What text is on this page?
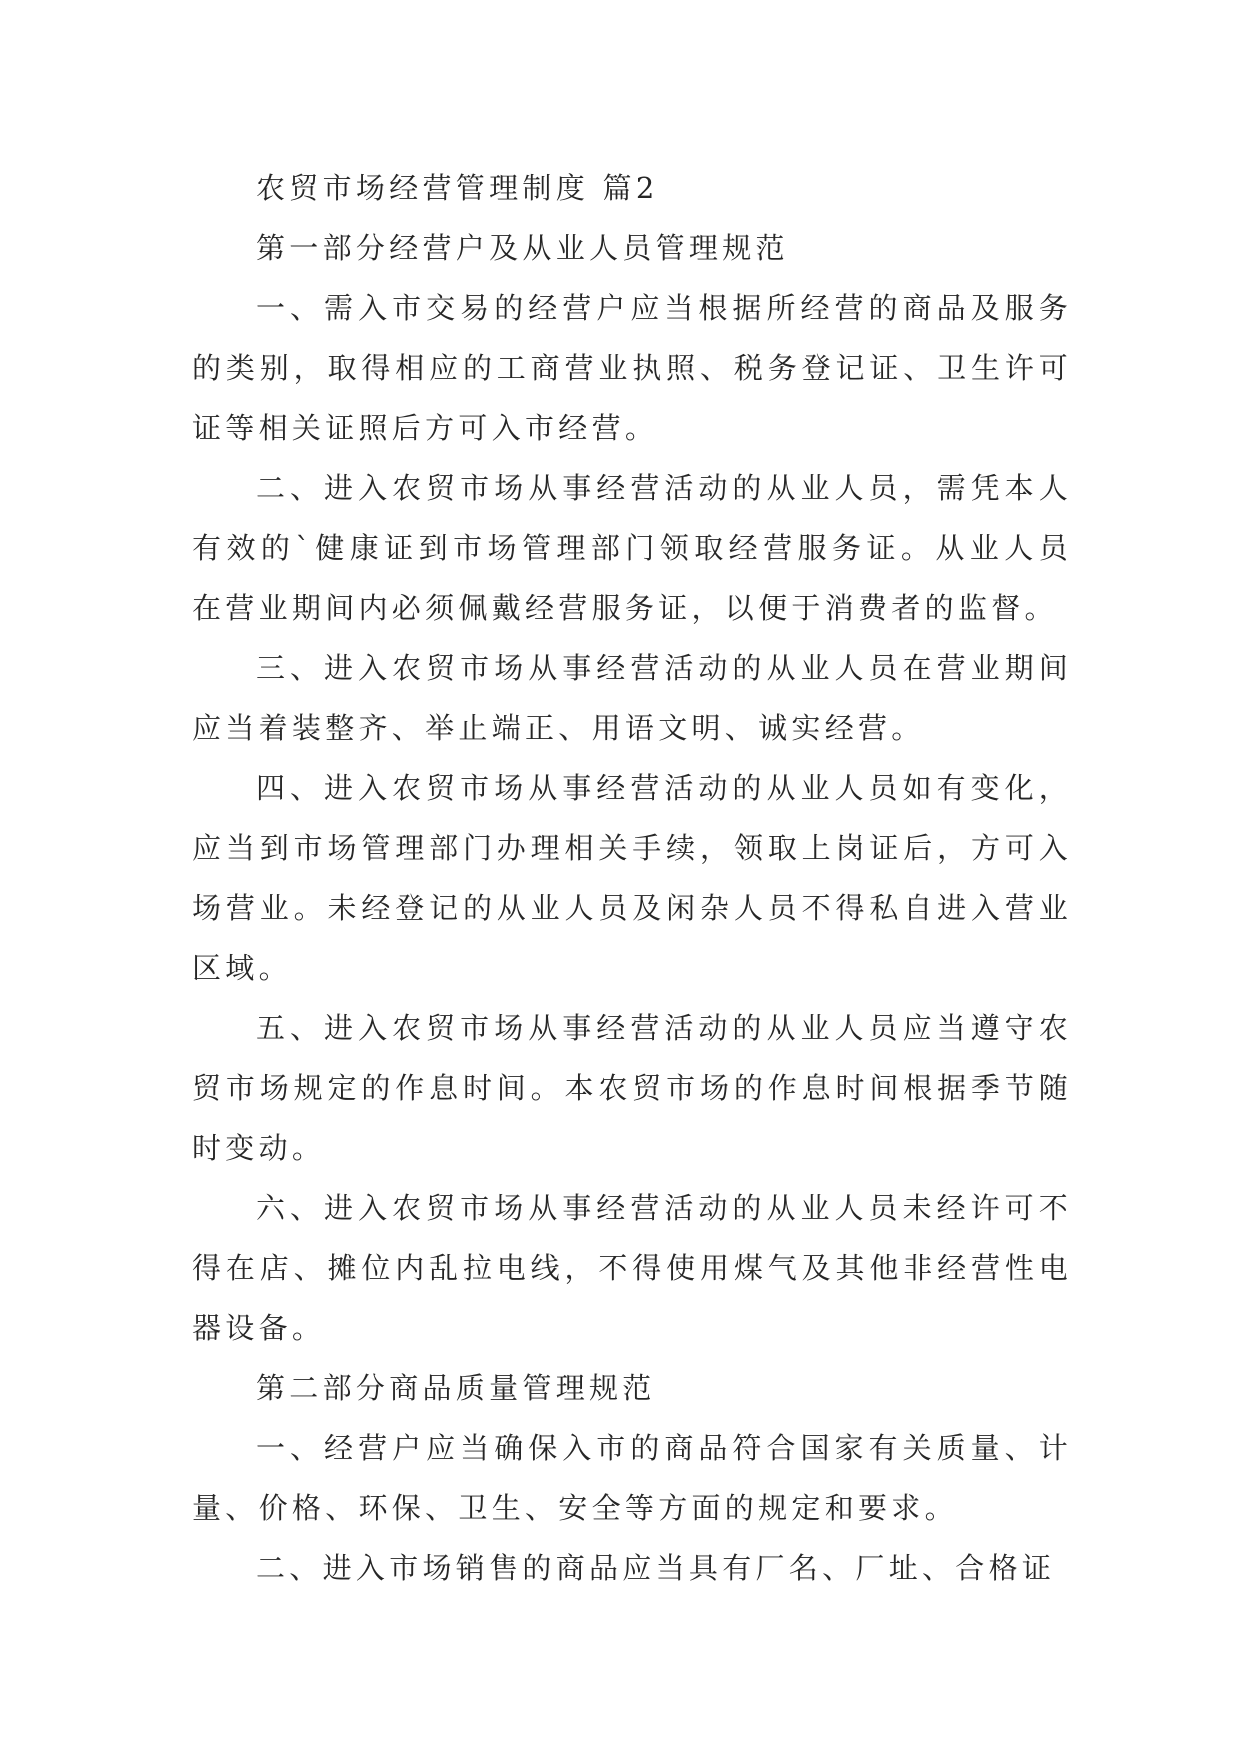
农贸市场经营管理制度 篇2

第一部分经营户及从业人员管理规范

一、需入市交易的经营户应当根据所经营的商品及服务的类别，取得相应的工商营业执照、税务登记证、卫生许可证等相关证照后方可入市经营。

二、进入农贸市场从事经营活动的从业人员，需凭本人有效的`健康证到市场管理部门领取经营服务证。从业人员在营业期间内必须佩戴经营服务证，以便于消费者的监督。

三、进入农贸市场从事经营活动的从业人员在营业期间应当着装整齐、举止端正、用语文明、诚实经营。

四、进入农贸市场从事经营活动的从业人员如有变化，应当到市场管理部门办理相关手续，领取上岗证后，方可入场营业。未经登记的从业人员及闲杂人员不得私自进入营业区域。

五、进入农贸市场从事经营活动的从业人员应当遵守农贸市场规定的作息时间。本农贸市场的作息时间根据季节随时变动。

六、进入农贸市场从事经营活动的从业人员未经许可不得在店、摊位内乱拉电线，不得使用煤气及其他非经营性电器设备。

第二部分商品质量管理规范

一、经营户应当确保入市的商品符合国家有关质量、计量、价格、环保、卫生、安全等方面的规定和要求。

二、进入市场销售的商品应当具有厂名、厂址、合格证
